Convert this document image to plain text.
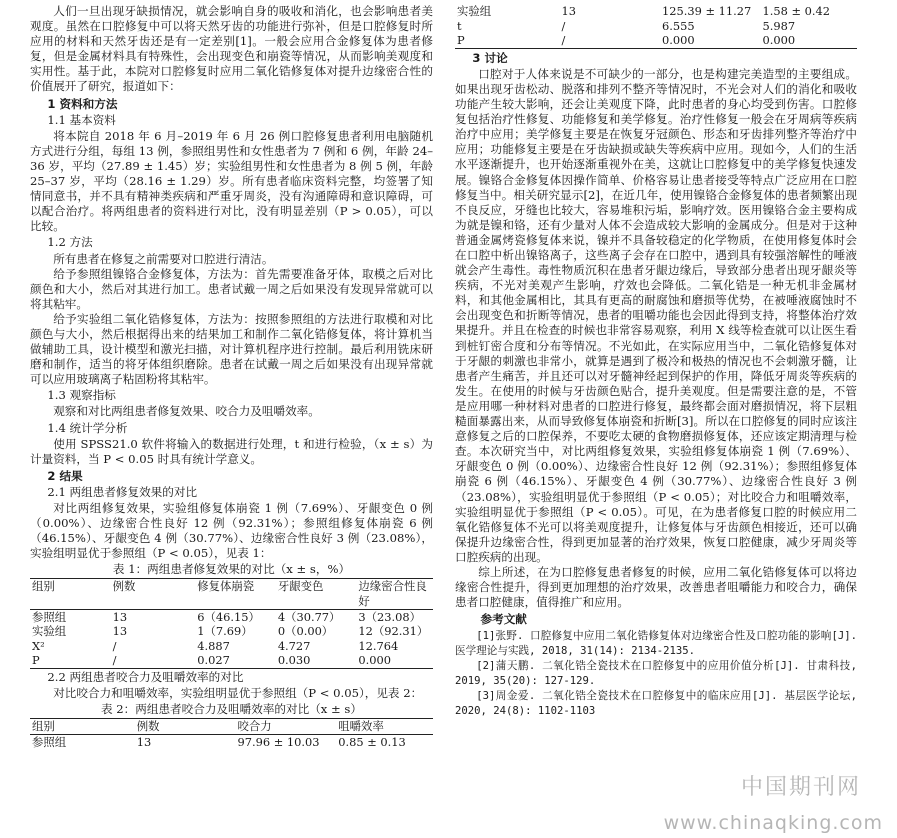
人们一旦出现牙缺损情况，就会影响自身的吸收和消化，也会影响患者美观度。虽然在口腔修复中可以将天然牙齿的功能进行弥补，但是口腔修复时所应用的材料和天然牙齿还是有一定差别[1]。一般会应用合金修复体为患者修复，但是金属材料具有特殊性，会出现变色和崩瓷等情况，从而影响美观度和实用性。基于此，本院对口腔修复时应用二氧化锆修复体对提升边缘密合性的价值展开了研究，报道如下：

1 资料和方法

1.1 基本资料

将本院自 2018 年 6 月–2019 年 6 月 26 例口腔修复患者利用电脑随机方式进行分组，每组 13 例，参照组男性和女性患者为 7 例和 6 例，年龄 24–36 岁，平均（27.89 ± 1.45）岁；实验组男性和女性患者为 8 例 5 例，年龄 25–37 岁，平均（28.16 ± 1.29）岁。所有患者临床资料完整，均签署了知情同意书，并不具有精神类疾病和严重牙周炎，没有沟通障碍和意识障碍，可以配合治疗。将两组患者的资料进行对比，没有明显差别（P > 0.05），可以比较。

1.2 方法

所有患者在修复之前需要对口腔进行清洁。

给予参照组镍铬合金修复体，方法为：首先需要准备牙体，取模之后对比颜色和大小，然后对其进行加工。患者试戴一周之后如果没有发现异常就可以将其粘牢。

给予实验组二氧化锆修复体，方法为：按照参照组的方法进行取模和对比颜色与大小，然后根据得出来的结果加工和制作二氧化锆修复体，将计算机当做辅助工具，设计模型和激光扫描，对计算机程序进行控制。最后利用铣床研磨和制作，适当的将牙体组织磨除。患者在试戴一周之后如果没有出现异常就可以应用玻璃离子粘固粉将其粘牢。

1.3 观察指标

观察和对比两组患者修复效果、咬合力及咀嚼效率。

1.4 统计学分析

使用 SPSS21.0 软件将输入的数据进行处理，t 和进行检验，（x ± s）为计量资料，当 P < 0.05 时具有统计学意义。

2 结果

2.1 两组患者修复效果的对比

对比两组修复效果，实验组修复体崩瓷 1 例（7.69%）、牙龈变色 0 例（0.00%）、边缘密合性良好 12 例（92.31%）；参照组修复体崩瓷 6 例（46.15%）、牙龈变色 4 例（30.77%）、边缘密合性良好 3 例（23.08%），实验组明显优于参照组（P < 0.05），见表 1：

表 1：两组患者修复效果的对比（x ± s，%）

组别	例数	修复体崩瓷	牙龈变色	边缘密合性良好
参照组	13	6（46.15）	4（30.77）	3（23.08）
实验组	13	1（7.69）	0（0.00）	12（92.31）
X²	/	4.887	4.727	12.764
P	/	0.027	0.030	0.000

2.2 两组患者咬合力及咀嚼效率的对比

对比咬合力和咀嚼效率，实验组明显优于参照组（P < 0.05），见表 2：

表 2：两组患者咬合力及咀嚼效率的对比（x ± s）

组别	例数	咬合力	咀嚼效率
参照组	13	97.96 ± 10.03	0.85 ± 0.13
实验组	13	125.39 ± 11.27	1.58 ± 0.42
t	/	6.555	5.987
P	/	0.000	0.000

3 讨论

口腔对于人体来说是不可缺少的一部分，也是构建完美造型的主要组成。如果出现牙齿松动、脱落和排列不整齐等情况时，不光会对人们的消化和吸收功能产生较大影响，还会让美观度下降，此时患者的身心均受到伤害。口腔修复包括治疗性修复、功能修复和美学修复。治疗性修复一般会在牙周病等疾病治疗中应用；美学修复主要是在恢复牙冠颜色、形态和牙齿排列整齐等治疗中应用；功能修复主要是在牙齿缺损或缺失等疾病中应用。现如今，人们的生活水平逐渐提升，也开始逐渐重视外在美，这就让口腔修复中的美学修复快速发展。镍铬合金修复体因操作简单、价格容易让患者接受等特点广泛应用在口腔修复当中。相关研究显示[2]，在近几年，使用镍铬合金修复体的患者频繁出现不良反应，牙缝也比较大，容易堆积污垢，影响疗效。医用镍铬合金主要构成为就是镍和铬，还有少量对人体不会造成较大影响的金属成分。但是对于这种普通金属烤瓷修复体来说，镍并不具备较稳定的化学物质，在使用修复体时会在口腔中析出镍铬离子，这些离子会存在口腔中，遇到具有较强溶解性的唾液就会产生毒性。毒性物质沉积在患者牙龈边缘后，导致部分患者出现牙龈炎等疾病，不光对美观产生影响，疗效也会降低。二氧化锆是一种无机非金属材料，和其他金属相比，其具有更高的耐腐蚀和磨损等优势，在被唾液腐蚀时不会出现变色和折断等情况，患者的咀嚼功能也会因此得到支持，将整体治疗效果提升。并且在检查的时候也非常容易观察，利用 X 线等检查就可以让医生看到桩钉密合度和分布等情况。不光如此，在实际应用当中，二氧化锆修复体对于牙龈的刺激也非常小，就算是遇到了极冷和极热的情况也不会刺激牙髓，让患者产生痛苦，并且还可以对牙髓神经起到保护的作用，降低牙周炎等疾病的发生。在使用的时候与牙齿颜色贴合，提升美观度。但是需要注意的是，不管是应用哪一种材料对患者的口腔进行修复，最终都会面对磨损情况，将下层粗糙面暴露出来，从而导致修复体崩瓷和折断[3]。所以在口腔修复的同时应该注意修复之后的口腔保养，不要吃太硬的食物磨损修复体，还应该定期清理与检查。本次研究当中，对比两组修复效果，实验组修复体崩瓷 1 例（7.69%）、牙龈变色 0 例（0.00%）、边缘密合性良好 12 例（92.31%）；参照组修复体崩瓷 6 例（46.15%）、牙龈变色 4 例（30.77%）、边缘密合性良好 3 例（23.08%），实验组明显优于参照组（P < 0.05）；对比咬合力和咀嚼效率，实验组明显优于参照组（P < 0.05）。可见，在为患者修复口腔的时候应用二氧化锆修复体不光可以将美观度提升，让修复体与牙齿颜色相接近，还可以确保提升边缘密合性，得到更加显著的治疗效果，恢复口腔健康，减少牙周炎等口腔疾病的出现。

综上所述，在为口腔修复患者修复的时候，应用二氧化锆修复体可以将边缘密合性提升，得到更加理想的治疗效果，改善患者咀嚼能力和咬合力，确保患者口腔健康，值得推广和应用。

参考文献

[1]张野. 口腔修复中应用二氧化锆修复体对边缘密合性及口腔功能的影响[J]. 医学理论与实践, 2018, 31(14): 2134-2135.

[2]蒲天鹏. 二氧化锆全瓷技术在口腔修复中的应用价值分析[J]. 甘肃科技, 2019, 35(20): 127-129.

[3]周金爱. 二氧化锆全瓷技术在口腔修复中的临床应用[J]. 基层医学论坛, 2020, 24(8): 1102-1103

中国期刊网
www.chinaqking.com
